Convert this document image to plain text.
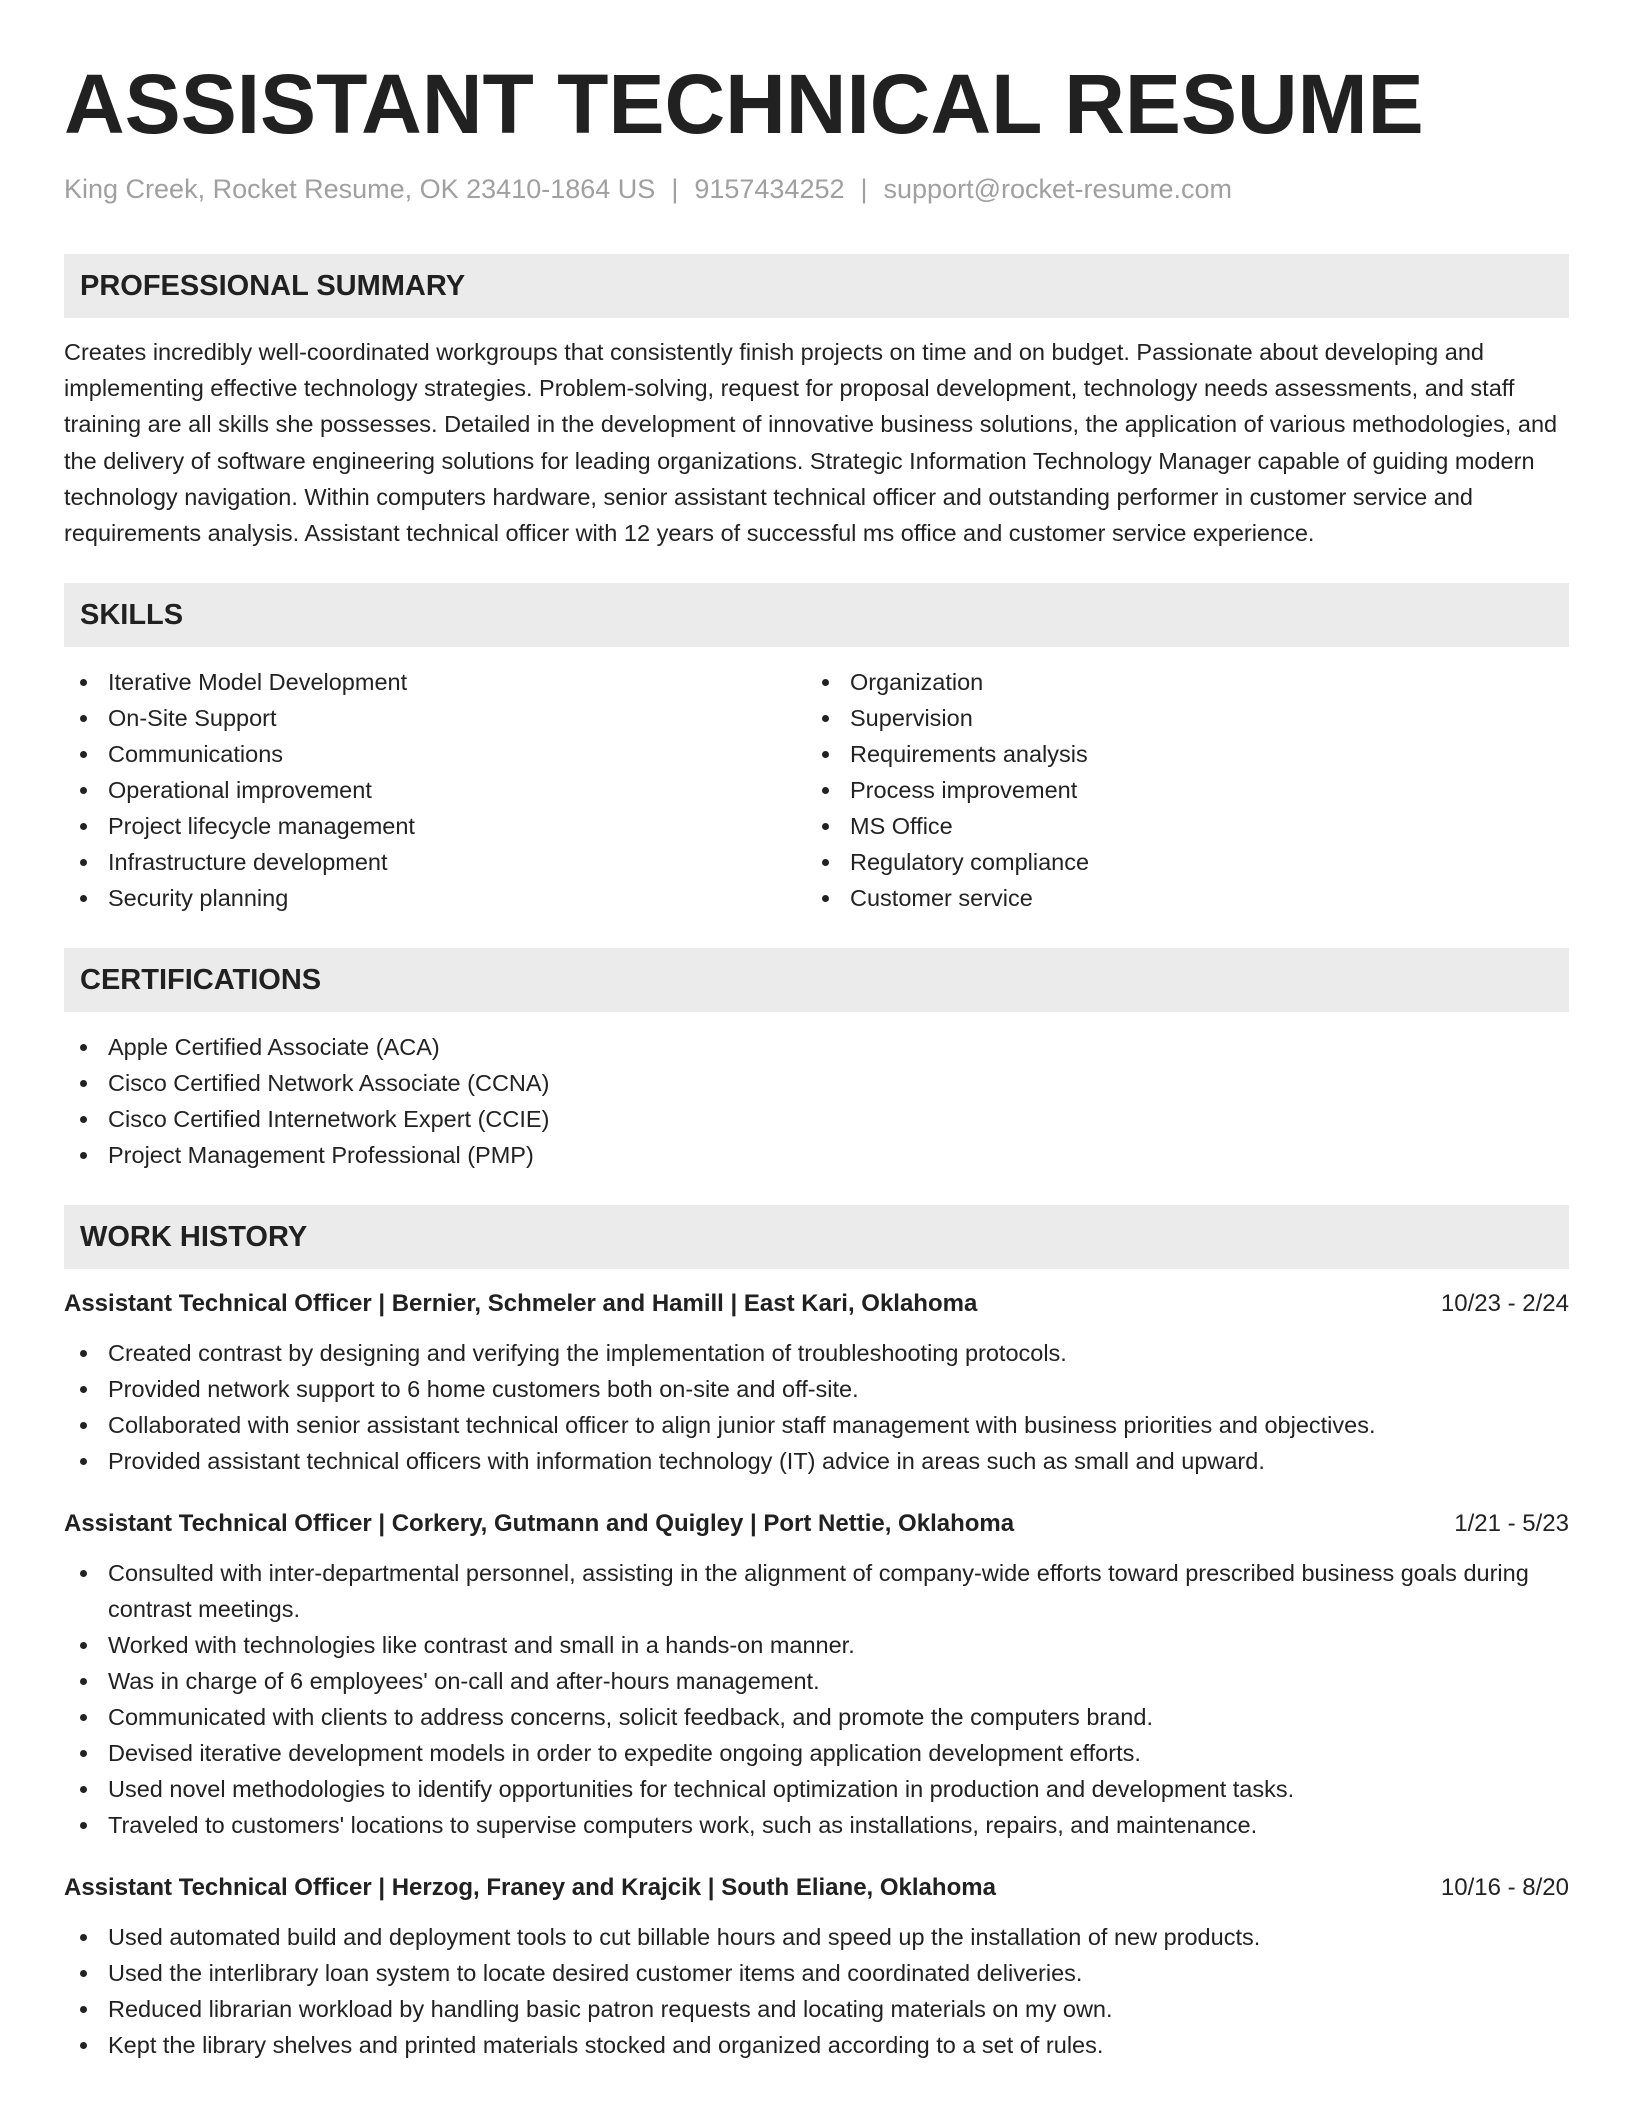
ASSISTANT TECHNICAL RESUME
King Creek, Rocket Resume, OK 23410-1864 US | 9157434252 | support@rocket-resume.com
PROFESSIONAL SUMMARY
Creates incredibly well-coordinated workgroups that consistently finish projects on time and on budget. Passionate about developing and implementing effective technology strategies. Problem-solving, request for proposal development, technology needs assessments, and staff training are all skills she possesses. Detailed in the development of innovative business solutions, the application of various methodologies, and the delivery of software engineering solutions for leading organizations. Strategic Information Technology Manager capable of guiding modern technology navigation. Within computers hardware, senior assistant technical officer and outstanding performer in customer service and requirements analysis. Assistant technical officer with 12 years of successful ms office and customer service experience.
SKILLS
Iterative Model Development
On-Site Support
Communications
Operational improvement
Project lifecycle management
Infrastructure development
Security planning
Organization
Supervision
Requirements analysis
Process improvement
MS Office
Regulatory compliance
Customer service
CERTIFICATIONS
Apple Certified Associate (ACA)
Cisco Certified Network Associate (CCNA)
Cisco Certified Internetwork Expert (CCIE)
Project Management Professional (PMP)
WORK HISTORY
Assistant Technical Officer | Bernier, Schmeler and Hamill | East Kari, Oklahoma	10/23 - 2/24
Created contrast by designing and verifying the implementation of troubleshooting protocols.
Provided network support to 6 home customers both on-site and off-site.
Collaborated with senior assistant technical officer to align junior staff management with business priorities and objectives.
Provided assistant technical officers with information technology (IT) advice in areas such as small and upward.
Assistant Technical Officer | Corkery, Gutmann and Quigley | Port Nettie, Oklahoma	1/21 - 5/23
Consulted with inter-departmental personnel, assisting in the alignment of company-wide efforts toward prescribed business goals during contrast meetings.
Worked with technologies like contrast and small in a hands-on manner.
Was in charge of 6 employees' on-call and after-hours management.
Communicated with clients to address concerns, solicit feedback, and promote the computers brand.
Devised iterative development models in order to expedite ongoing application development efforts.
Used novel methodologies to identify opportunities for technical optimization in production and development tasks.
Traveled to customers' locations to supervise computers work, such as installations, repairs, and maintenance.
Assistant Technical Officer | Herzog, Franey and Krajcik | South Eliane, Oklahoma	10/16 - 8/20
Used automated build and deployment tools to cut billable hours and speed up the installation of new products.
Used the interlibrary loan system to locate desired customer items and coordinated deliveries.
Reduced librarian workload by handling basic patron requests and locating materials on my own.
Kept the library shelves and printed materials stocked and organized according to a set of rules.
